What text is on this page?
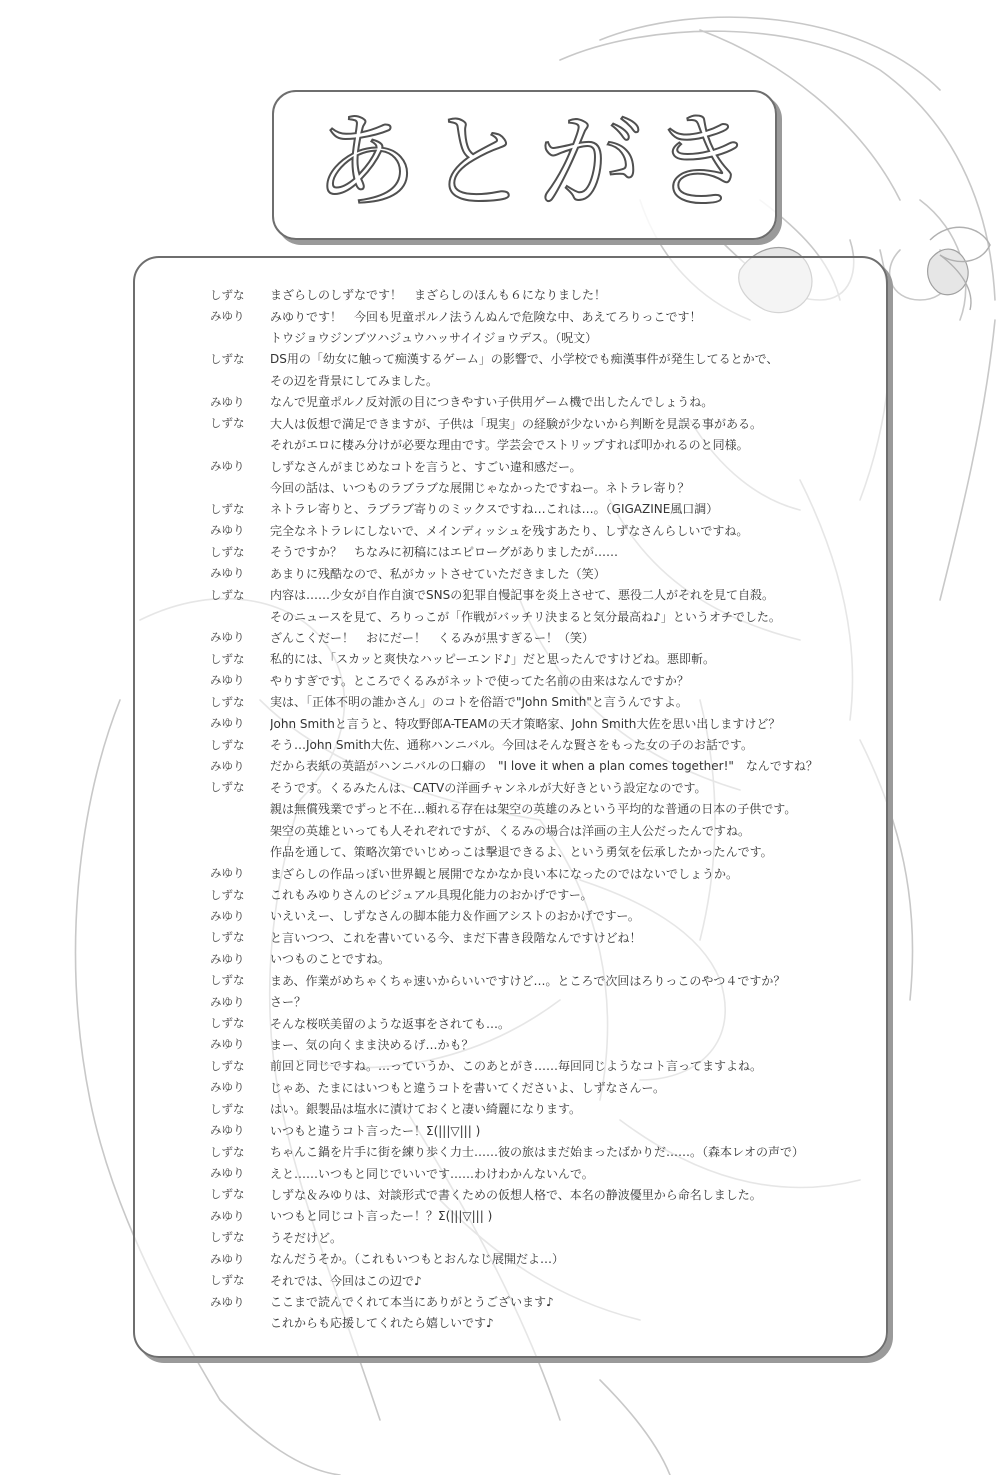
あとがき
しずな	まざらしのしずなです！　まざらしのほんも６になりました！
みゆり	みゆりです！　今回も児童ポルノ法うんぬんで危険な中、あえてろりっこです！
トウジョウジンブツハジュウハッサイイジョウデス。（呪文）
しずな	DS用の「幼女に触って痴漢するゲーム」の影響で、小学校でも痴漢事件が発生してるとかで、
その辺を背景にしてみました。
みゆり	なんで児童ポルノ反対派の目につきやすい子供用ゲーム機で出したんでしょうね。
しずな	大人は仮想で満足できますが、子供は「現実」の経験が少ないから判断を見誤る事がある。
それがエロに棲み分けが必要な理由です。学芸会でストリップすれば叩かれるのと同様。
みゆり	しずなさんがまじめなコトを言うと、すごい違和感だー。
今回の話は、いつものラブラブな展開じゃなかったですねー。ネトラレ寄り？
しずな	ネトラレ寄りと、ラブラブ寄りのミックスですね…これは…。（GIGAZINE風口調）
みゆり	完全なネトラレにしないで、メインディッシュを残すあたり、しずなさんらしいですね。
しずな	そうですか？　ちなみに初稿にはエピローグがありましたが……
みゆり	あまりに残酷なので、私がカットさせていただきました（笑）
しずな	内容は……少女が自作自演でSNSの犯罪自慢記事を炎上させて、悪役二人がそれを見て自殺。
そのニュースを見て、ろりっこが「作戦がバッチリ決まると気分最高ね♪」というオチでした。
みゆり	ざんこくだー！　おにだー！　くるみが黒すぎるー！（笑）
しずな	私的には、「スカッと爽快なハッピーエンド♪」だと思ったんですけどね。悪即斬。
みゆり	やりすぎです。ところでくるみがネットで使ってた名前の由来はなんですか？
しずな	実は、「正体不明の誰かさん」のコトを俗語で"John Smith"と言うんですよ。
みゆり	John Smithと言うと、特攻野郎A-TEAMの天才策略家、John Smith大佐を思い出しますけど？
しずな	そう…John Smith大佐、通称ハンニバル。今回はそんな賢さをもった女の子のお話です。
みゆり	だから表紙の英語がハンニバルの口癖の　"I love it when a plan comes together!"　なんですね？
しずな	そうです。くるみたんは、CATVの洋画チャンネルが大好きという設定なのです。
親は無償残業でずっと不在…頼れる存在は架空の英雄のみという平均的な普通の日本の子供です。
架空の英雄といっても人それぞれですが、くるみの場合は洋画の主人公だったんですね。
作品を通して、策略次第でいじめっこは撃退できるよ、という勇気を伝承したかったんです。
みゆり	まざらしの作品っぽい世界観と展開でなかなか良い本になったのではないでしょうか。
しずな	これもみゆりさんのビジュアル具現化能力のおかげですー。
みゆり	いえいえー、しずなさんの脚本能力＆作画アシストのおかげですー。
しずな	と言いつつ、これを書いている今、まだ下書き段階なんですけどね！
みゆり	いつものことですね。
しずな	まあ、作業がめちゃくちゃ速いからいいですけど…。ところで次回はろりっこのやつ４ですか？
みゆり	さー？
しずな	そんな桜咲美留のような返事をされても…。
みゆり	まー、気の向くまま決めるげ…かも？
しずな	前回と同じですね。…っていうか、このあとがき……毎回同じようなコト言ってますよね。
みゆり	じゃあ、たまにはいつもと違うコトを書いてくださいよ、しずなさんー。
しずな	はい。銀製品は塩水に漬けておくと凄い綺麗になります。
みゆり	いつもと違うコト言ったー！Σ(|||▽||| )
しずな	ちゃんこ鍋を片手に街を練り歩く力士……彼の旅はまだ始まったばかりだ……。（森本レオの声で）
みゆり	えと……いつもと同じでいいです……わけわかんないんで。
しずな	しずな＆みゆりは、対談形式で書くための仮想人格で、本名の静波優里から命名しました。
みゆり	いつもと同じコト言ったー！？Σ(|||▽||| )
しずな	うそだけど。
みゆり	なんだうそか。（これもいつもとおんなじ展開だよ…）
しずな	それでは、今回はこの辺で♪
みゆり	ここまで読んでくれて本当にありがとうございます♪
これからも応援してくれたら嬉しいです♪
